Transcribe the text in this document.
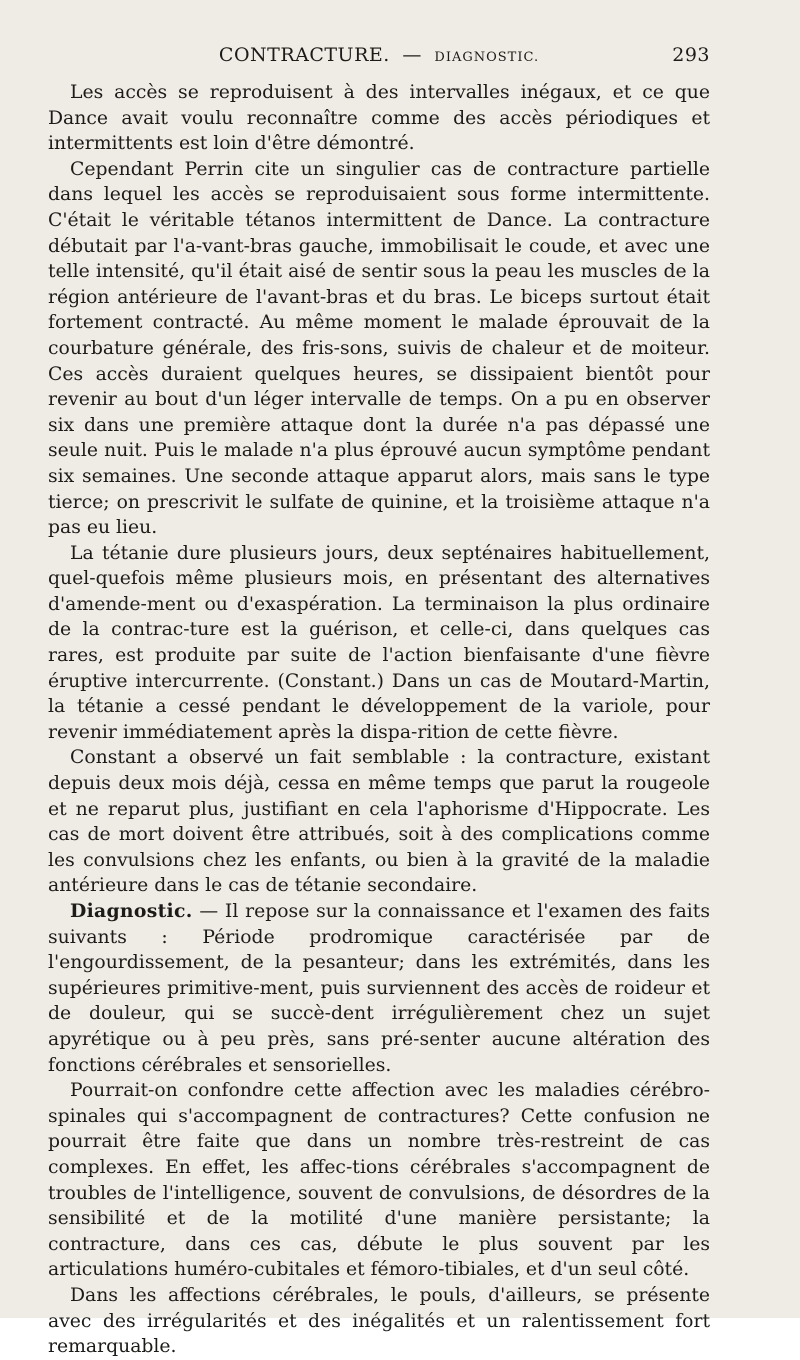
CONTRACTURE. — DIAGNOSTIC.	293

Les accès se reproduisent à des intervalles inégaux, et ce que Dance avait voulu reconnaître comme des accès périodiques et intermittents est loin d'être démontré.

Cependant Perrin cite un singulier cas de contracture partielle dans lequel les accès se reproduisaient sous forme intermittente. C'était le véritable tétanos intermittent de Dance. La contracture débutait par l'a-vant-bras gauche, immobilisait le coude, et avec une telle intensité, qu'il était aisé de sentir sous la peau les muscles de la région antérieure de l'avant-bras et du bras. Le biceps surtout était fortement contracté. Au même moment le malade éprouvait de la courbature générale, des fris-sons, suivis de chaleur et de moiteur. Ces accès duraient quelques heures, se dissipaient bientôt pour revenir au bout d'un léger intervalle de temps. On a pu en observer six dans une première attaque dont la durée n'a pas dépassé une seule nuit. Puis le malade n'a plus éprouvé aucun symptôme pendant six semaines. Une seconde attaque apparut alors, mais sans le type tierce; on prescrivit le sulfate de quinine, et la troisième attaque n'a pas eu lieu.

La tétanie dure plusieurs jours, deux septénaires habituellement, quel-quefois même plusieurs mois, en présentant des alternatives d'amende-ment ou d'exaspération. La terminaison la plus ordinaire de la contrac-ture est la guérison, et celle-ci, dans quelques cas rares, est produite par suite de l'action bienfaisante d'une fièvre éruptive intercurrente. (Constant.) Dans un cas de Moutard-Martin, la tétanie a cessé pendant le développement de la variole, pour revenir immédiatement après la dispa-rition de cette fièvre.

Constant a observé un fait semblable : la contracture, existant depuis deux mois déjà, cessa en même temps que parut la rougeole et ne reparut plus, justifiant en cela l'aphorisme d'Hippocrate. Les cas de mort doivent être attribués, soit à des complications comme les convulsions chez les enfants, ou bien à la gravité de la maladie antérieure dans le cas de tétanie secondaire.

Diagnostic. — Il repose sur la connaissance et l'examen des faits suivants : Période prodromique caractérisée par de l'engourdissement, de la pesanteur; dans les extrémités, dans les supérieures primitive-ment, puis surviennent des accès de roideur et de douleur, qui se succè-dent irrégulièrement chez un sujet apyrétique ou à peu près, sans pré-senter aucune altération des fonctions cérébrales et sensorielles.

Pourrait-on confondre cette affection avec les maladies cérébro-spinales qui s'accompagnent de contractures? Cette confusion ne pourrait être faite que dans un nombre très-restreint de cas complexes. En effet, les affec-tions cérébrales s'accompagnent de troubles de l'intelligence, souvent de convulsions, de désordres de la sensibilité et de la motilité d'une manière persistante; la contracture, dans ces cas, débute le plus souvent par les articulations huméro-cubitales et fémoro-tibiales, et d'un seul côté.

Dans les affections cérébrales, le pouls, d'ailleurs, se présente avec des irrégularités et des inégalités et un ralentissement fort remarquable.
